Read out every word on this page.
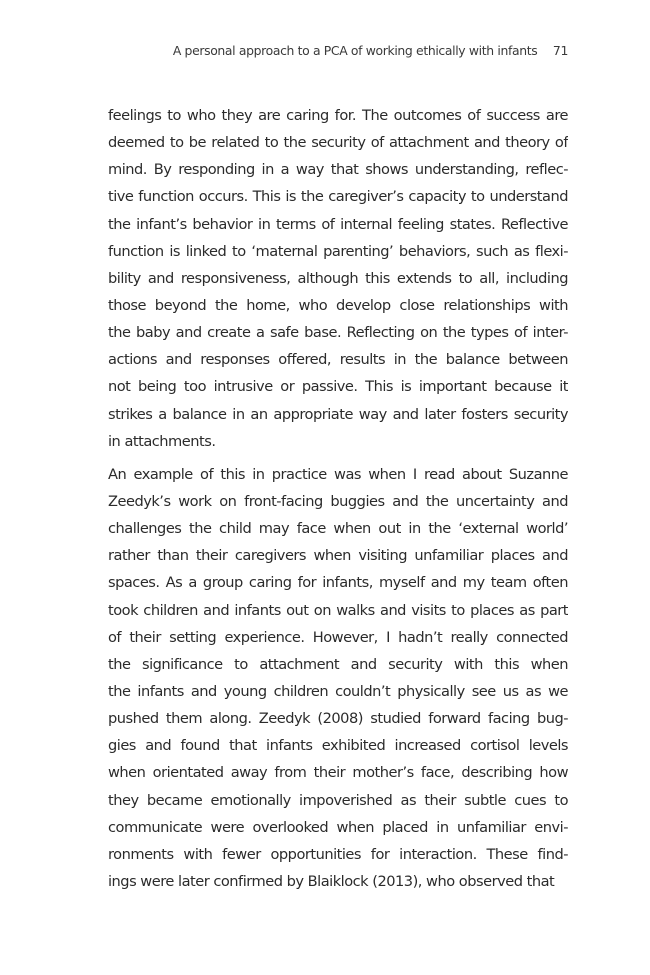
A personal approach to a PCA of working ethically with infants 71
feelings to who they are caring for. The outcomes of success are
deemed to be related to the security of attachment and theory of
mind. By responding in a way that shows understanding, reflec-
tive function occurs. This is the caregiver’s capacity to understand
the infant’s behavior in terms of internal feeling states. Reflective
function is linked to ‘maternal parenting’ behaviors, such as flexi-
bility and responsiveness, although this extends to all, including
those beyond the home, who develop close relationships with
the baby and create a safe base. Reflecting on the types of inter-
actions and responses offered, results in the balance between
not being too intrusive or passive. This is important because it
strikes a balance in an appropriate way and later fosters security
in attachments.
An example of this in practice was when I read about Suzanne
Zeedyk’s work on front-facing buggies and the uncertainty and
challenges the child may face when out in the ‘external world’
rather than their caregivers when visiting unfamiliar places and
spaces. As a group caring for infants, myself and my team often
took children and infants out on walks and visits to places as part
of their setting experience. However, I hadn’t really connected
the significance to attachment and security with this when
the infants and young children couldn’t physically see us as we
pushed them along. Zeedyk (2008) studied forward facing bug-
gies and found that infants exhibited increased cortisol levels
when orientated away from their mother’s face, describing how
they became emotionally impoverished as their subtle cues to
communicate were overlooked when placed in unfamiliar envi-
ronments with fewer opportunities for interaction. These find-
ings were later confirmed by Blaiklock (2013), who observed that
